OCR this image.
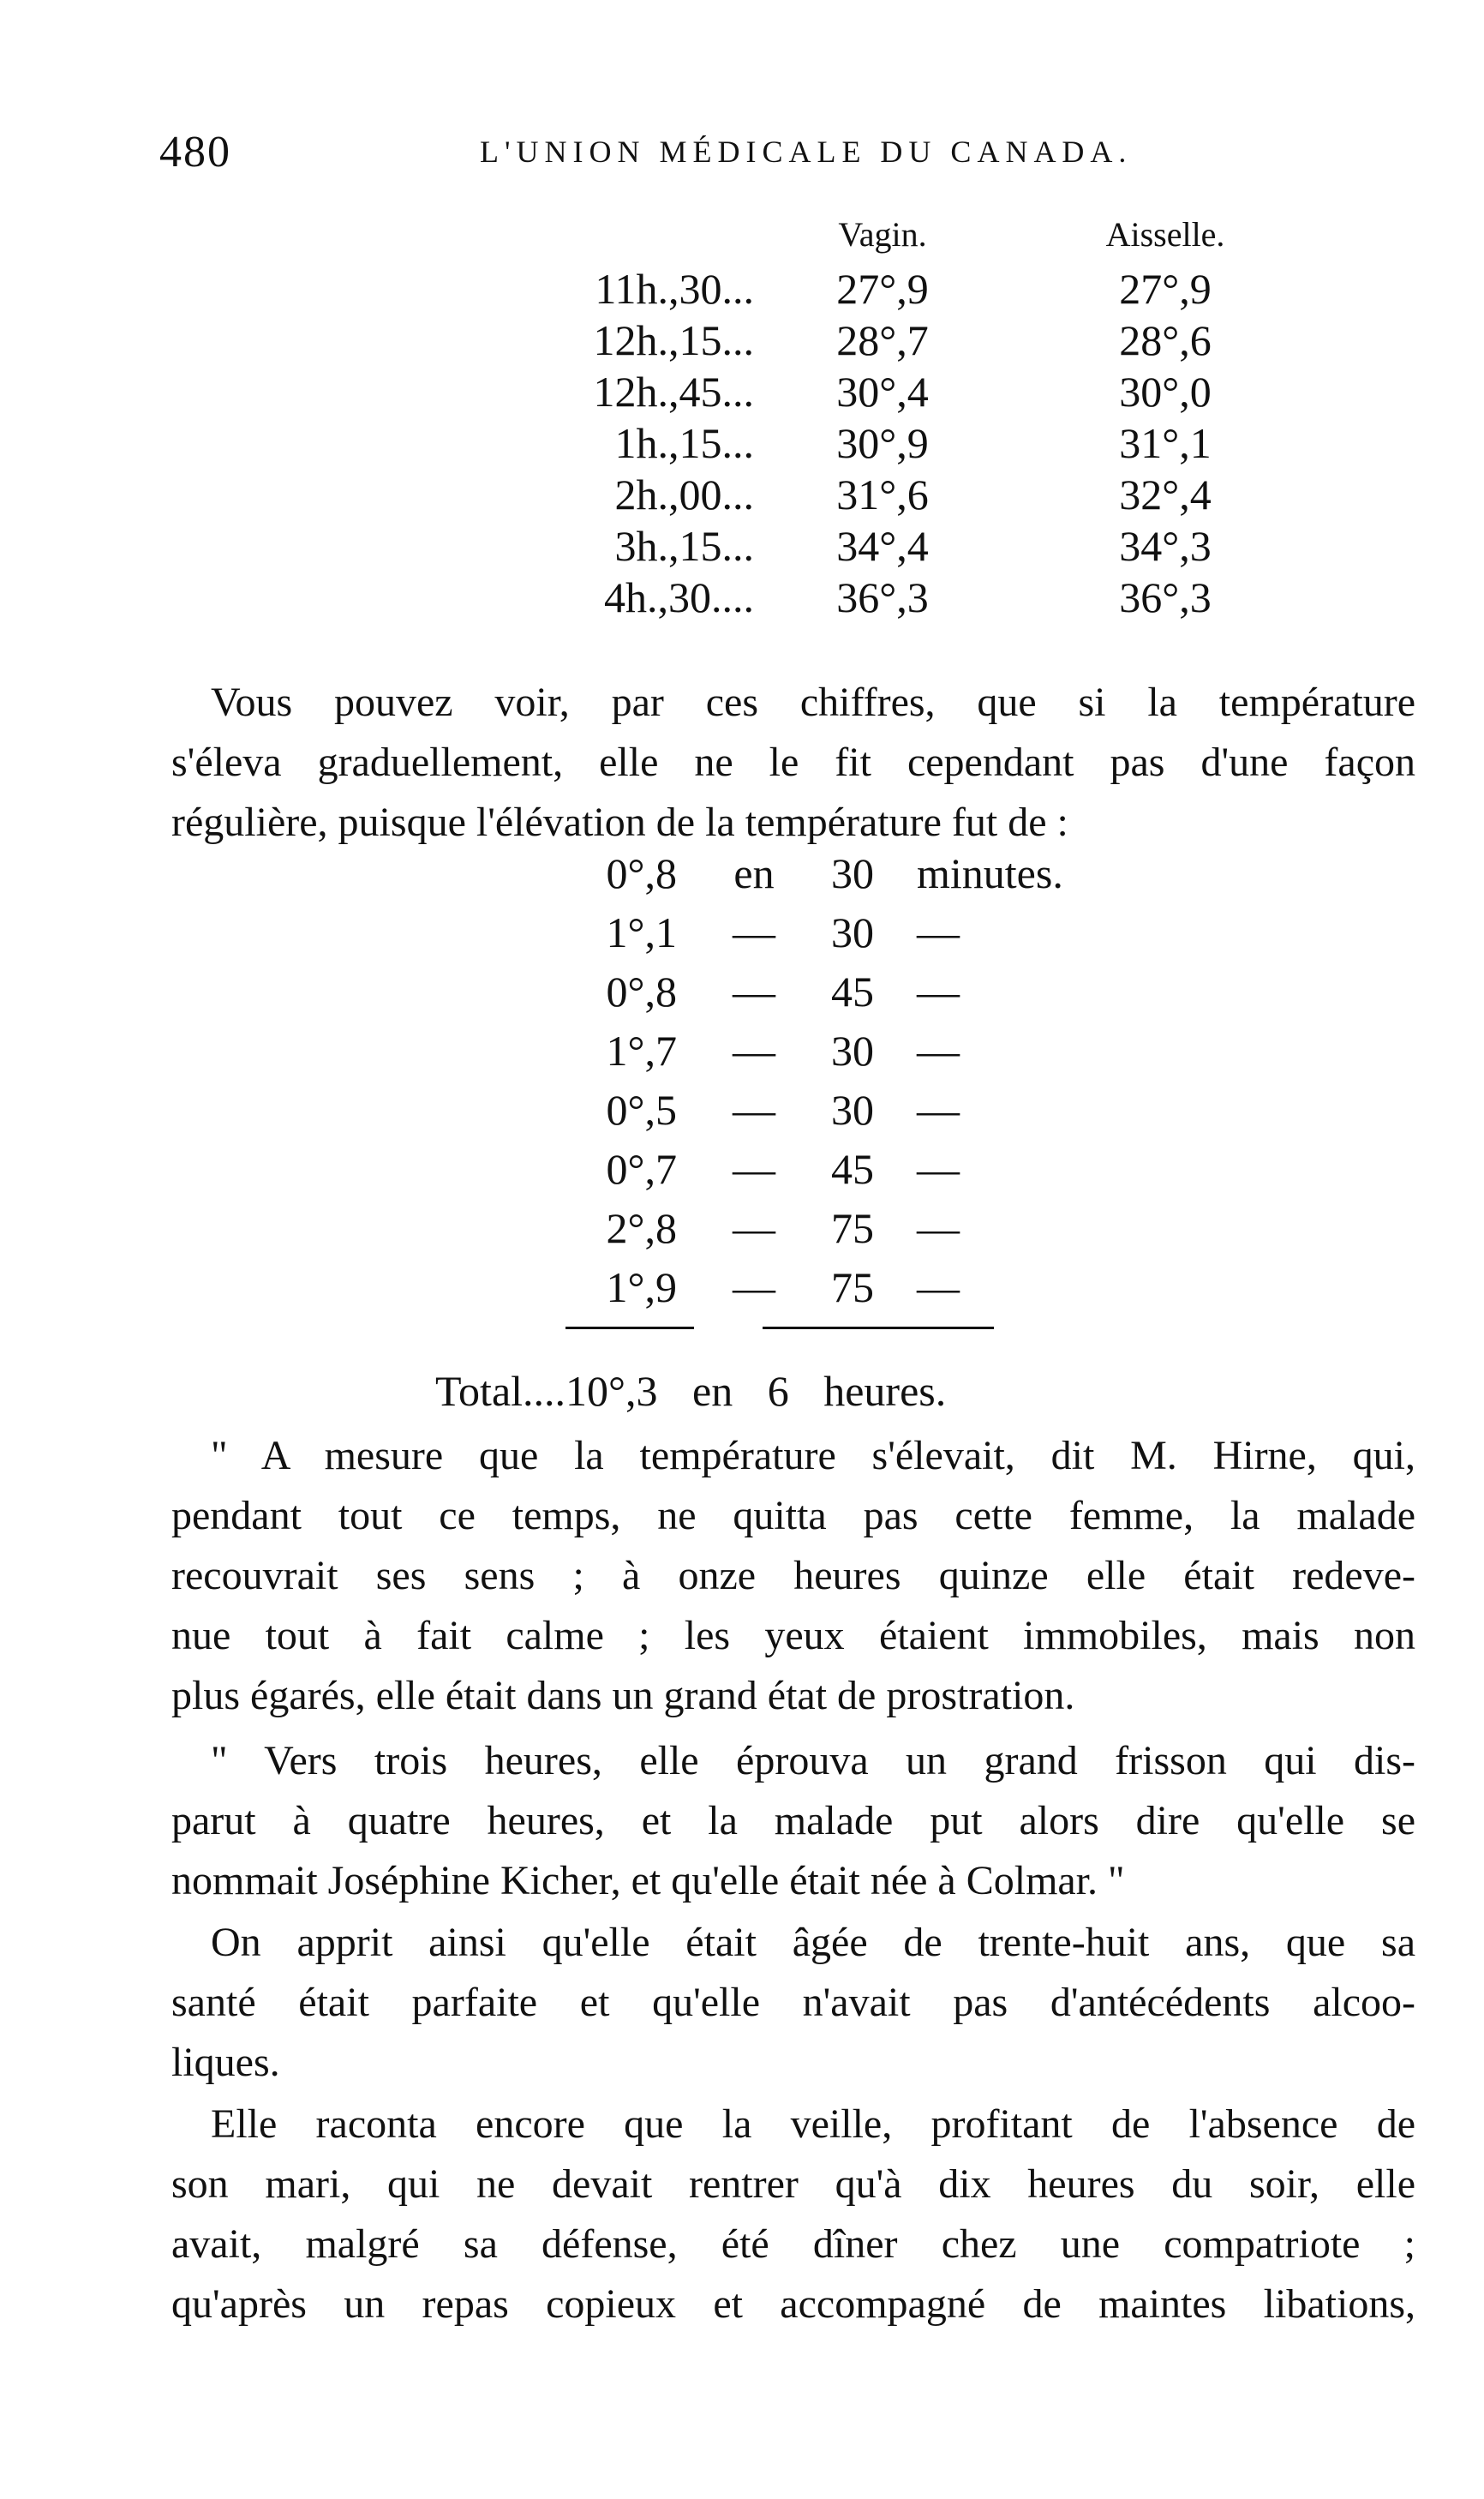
480	L'UNION MÉDICALE DU CANADA.
Vagin.	Aisselle.
11h.,30...	27°,9	27°,9
12h.,15...	28°,7	28°,6
12h.,45...	30°,4	30°,0
1h.,15...	30°,9	31°,1
2h.,00...	31°,6	32°,4
3h.,15...	34°,4	34°,3
4h.,30....	36°,3	36°,3

Vous pouvez voir, par ces chiffres, que si la température
s'éleva graduellement, elle ne le fit cependant pas d'une façon
régulière, puisque l'élévation de la température fut de :

0°,8	en	30	minutes.
1°,1	—	30	—
0°,8	—	45	—
1°,7	—	30	—
0°,5	—	30	—
0°,7	—	45	—
2°,8	—	75	—
1°,9	—	75	—
Total....10°,3 en 6 heures.

" A mesure que la température s'élevait, dit M. Hirne, qui,
pendant tout ce temps, ne quitta pas cette femme, la malade
recouvrait ses sens ; à onze heures quinze elle était redeve-
nue tout à fait calme ; les yeux étaient immobiles, mais non
plus égarés, elle était dans un grand état de prostration.

" Vers trois heures, elle éprouva un grand frisson qui dis-
parut à quatre heures, et la malade put alors dire qu'elle se
nommait Joséphine Kicher, et qu'elle était née à Colmar. "

On apprit ainsi qu'elle était âgée de trente-huit ans, que sa
santé était parfaite et qu'elle n'avait pas d'antécédents alcoo-
liques.

Elle raconta encore que la veille, profitant de l'absence de
son mari, qui ne devait rentrer qu'à dix heures du soir, elle
avait, malgré sa défense, été dîner chez une compatriote ;
qu'après un repas copieux et accompagné de maintes libations,
